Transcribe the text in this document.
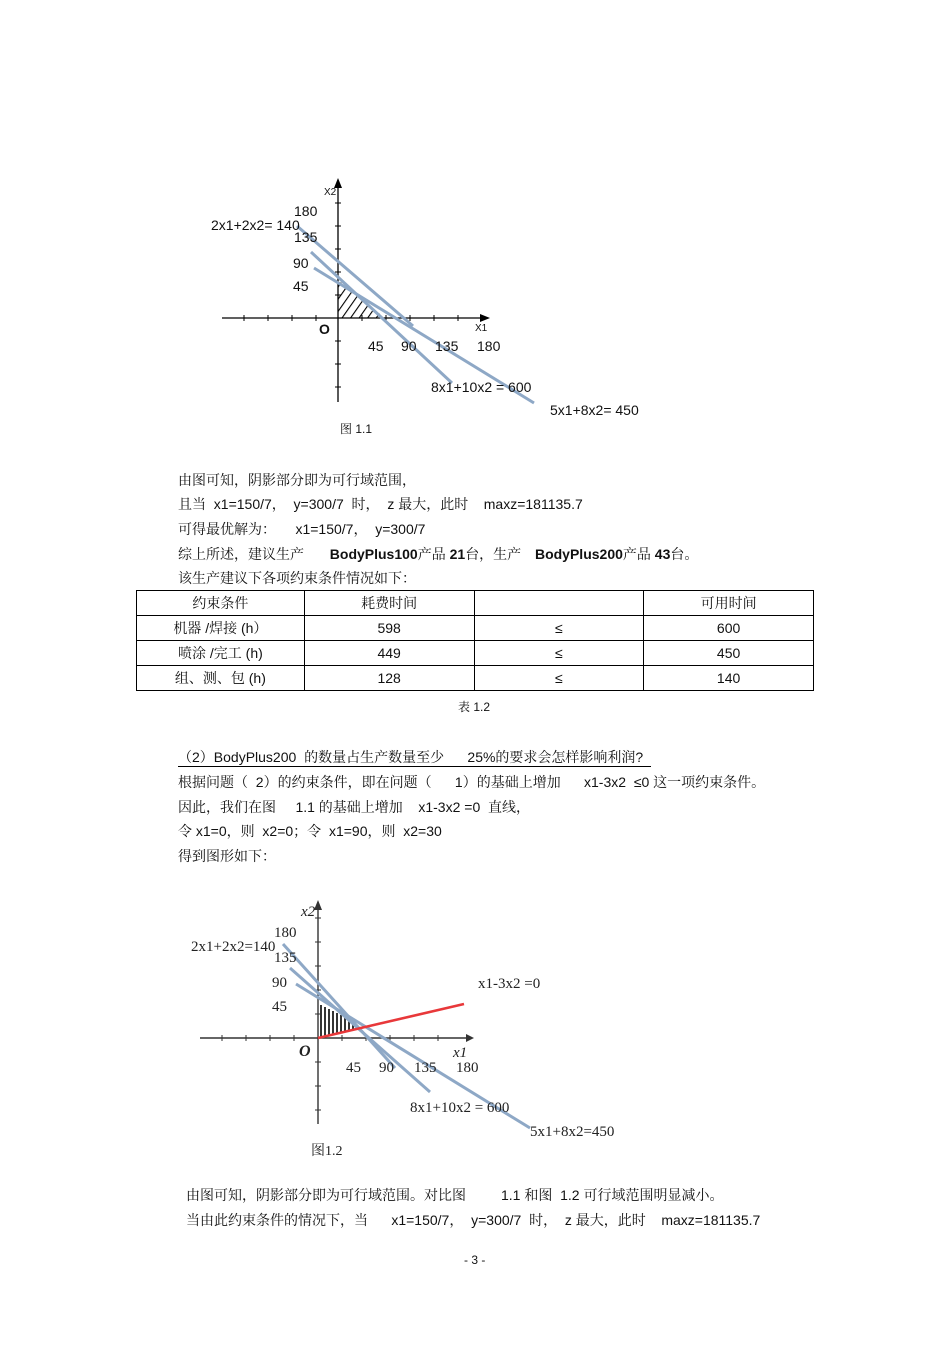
X2
X1
O
180
135
90
45
45 90 135 180
2x1+2x2= 140
8x1+10x2 = 600
5x1+8x2= 450
图 1.1
由图可知，阴影部分即为可行域范围，
且当  x1=150/7，  y=300/7  时，  z 最大，此时    maxz=181135.7
可得最优解为：     x1=150/7，  y=300/7
综上所述，建议生产 BodyPlus100产品 21台，生产 BodyPlus200产品 43台。
该生产建议下各项约束条件情况如下：
约束条件	耗费时间		可用时间
机器 /焊接 (h）	598	≤	600
喷涂 /完工 (h)	449	≤	450
组、测、包 (h)	128	≤	140
表 1.2
（2）BodyPlus200  的数量占生产数量至少      25%的要求会怎样影响利润?
根据问题（  2）的约束条件，即在问题（      1）的基础上增加      x1-3x2  ≤0 这一项约束条件。
因此，我们在图     1.1 的基础上增加    x1-3x2 =0  直线，
令 x1=0，则  x2=0；令  x1=90，则  x2=30
得到图形如下：
x2
x1
O
180
135
90
45
45 90 135 180
2x1+2x2=140
x1-3x2 =0
8x1+10x2 = 600
5x1+8x2=450
图1.2
由图可知，阴影部分即为可行域范围。对比图         1.1 和图  1.2 可行域范围明显减小。
当由此约束条件的情况下，当      x1=150/7，  y=300/7  时，  z 最大，此时    maxz=181135.7
- 3 -
